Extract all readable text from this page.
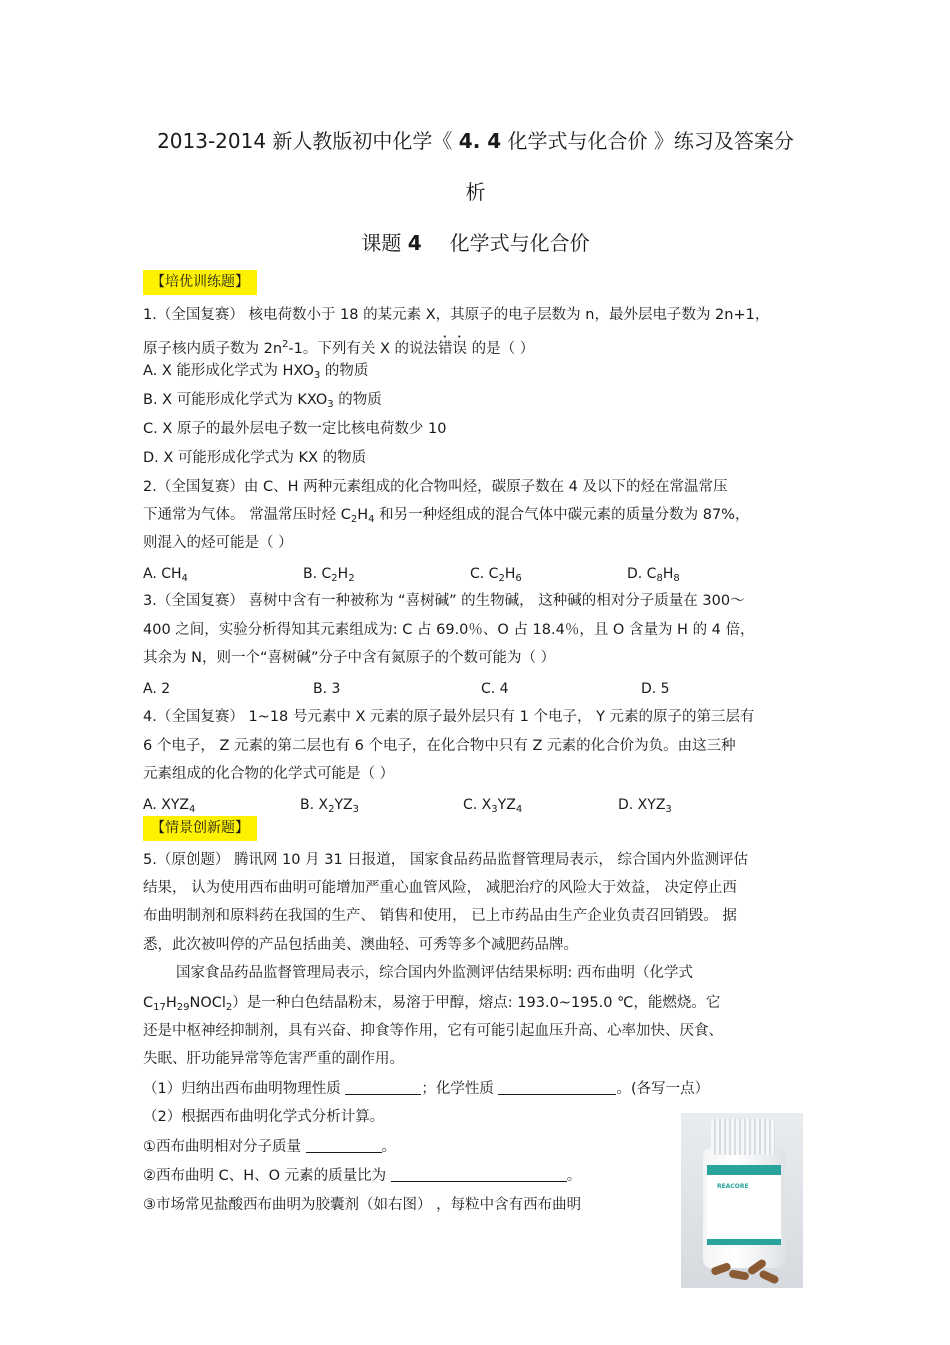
2013-2014 新人教版初中化学《 4. 4 化学式与化合价 》练习及答案分
析
课题 4 化学式与化合价
【培优训练题】
1.（全国复赛） 核电荷数小于 18 的某元素 X，其原子的电子层数为 n，最外层电子数为 2n+1，
原子核内质子数为 $2n^2-1$。下列有关 X 的说法错误 的是（ ）
A. X 能形成化学式为 $HXO_3$ 的物质
B. X 可能形成化学式为 $KXO_3$ 的物质
C. X 原子的最外层电子数一定比核电荷数少 10
D. X 可能形成化学式为 KX 的物质
2.（全国复赛）由 C、H 两种元素组成的化合物叫烃，碳原子数在 4 及以下的烃在常温常压
下通常为气体。 常温常压时烃 $C_2H_4$ 和另一种烃组成的混合气体中碳元素的质量分数为 87%，
则混入的烃可能是（ ）
A. $CH_4$	B. $C_2H_2$	C. $C_2H_6$	D. $C_8H_8$
3.（全国复赛） 喜树中含有一种被称为 “喜树碱” 的生物碱， 这种碱的相对分子质量在 300～
400 之间，实验分析得知其元素组成为: C 占 69.0％、O 占 18.4％，且 O 含量为 H 的 4 倍，
其余为 N，则一个“喜树碱”分子中含有氮原子的个数可能为（ ）
A. 2	B. 3	C. 4	D. 5
4.（全国复赛） 1~18 号元素中 X 元素的原子最外层只有 1 个电子， Y 元素的原子的第三层有
6 个电子， Z 元素的第二层也有 6 个电子，在化合物中只有 Z 元素的化合价为负。由这三种
元素组成的化合物的化学式可能是（ ）
A. $XYZ_4$	B. $X_2YZ_3$	C. $X_3YZ_4$	D. $XYZ_3$
【情景创新题】
5.（原创题） 腾讯网 10 月 31 日报道， 国家食品药品监督管理局表示， 综合国内外监测评估
结果， 认为使用西布曲明可能增加严重心血管风险， 减肥治疗的风险大于效益， 决定停止西
布曲明制剂和原料药在我国的生产、 销售和使用， 已上市药品由生产企业负责召回销毁。 据
悉，此次被叫停的产品包括曲美、澳曲轻、可秀等多个减肥药品牌。
国家食品药品监督管理局表示，综合国内外监测评估结果标明: 西布曲明（化学式
$C_{17}H_{29}NOCl_2$）是一种白色结晶粉末，易溶于甲醇，熔点: 193.0~195.0 ℃，能燃烧。它
还是中枢神经抑制剂，具有兴奋、抑食等作用，它有可能引起血压升高、心率加快、厌食、
失眠、肝功能异常等危害严重的副作用。
（1）归纳出西布曲明物理性质	；化学性质	。(各写一点）
（2）根据西布曲明化学式分析计算。
①西布曲明相对分子质量	。
②西布曲明 C、H、O 元素的质量比为	。
③市场常见盐酸西布曲明为胶囊剂（如右图） ，每粒中含有西布曲明
REACORE
